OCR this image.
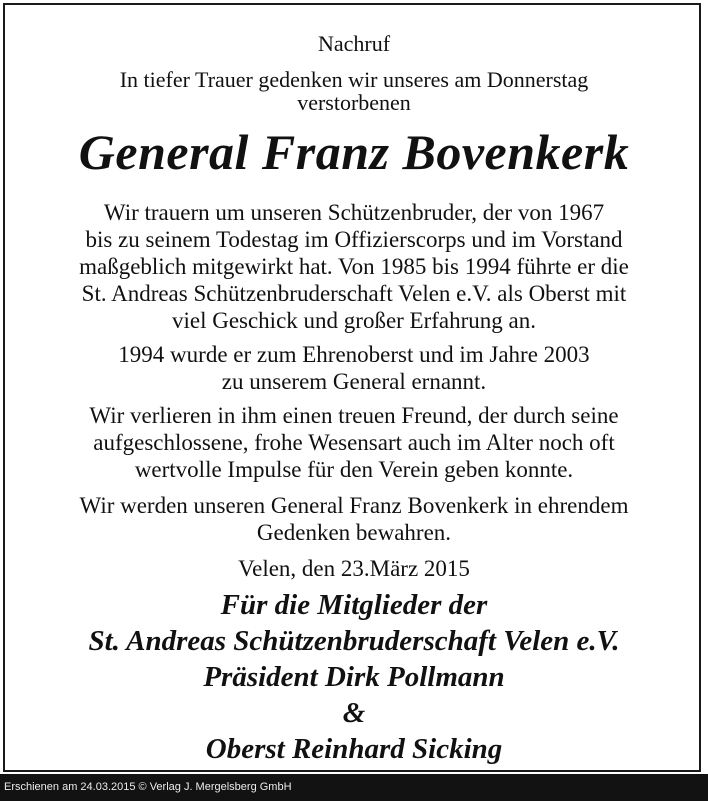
Nachruf
In tiefer Trauer gedenken wir unseres am Donnerstag
verstorbenen
General Franz Bovenkerk
Wir trauern um unseren Schützenbruder, der von 1967
bis zu seinem Todestag im Offizierscorps und im Vorstand
maßgeblich mitgewirkt hat. Von 1985 bis 1994 führte er die
St. Andreas Schützenbruderschaft Velen e.V. als Oberst mit
viel Geschick und großer Erfahrung an.
1994 wurde er zum Ehrenoberst und im Jahre 2003
zu unserem General ernannt.
Wir verlieren in ihm einen treuen Freund, der durch seine
aufgeschlossene, frohe Wesensart auch im Alter noch oft
wertvolle Impulse für den Verein geben konnte.
Wir werden unseren General Franz Bovenkerk in ehrendem
Gedenken bewahren.
Velen, den 23.März 2015
Für die Mitglieder der
St. Andreas Schützenbruderschaft Velen e.V.
Präsident Dirk Pollmann
&
Oberst Reinhard Sicking
Erschienen am 24.03.2015 © Verlag J. Mergelsberg GmbH
